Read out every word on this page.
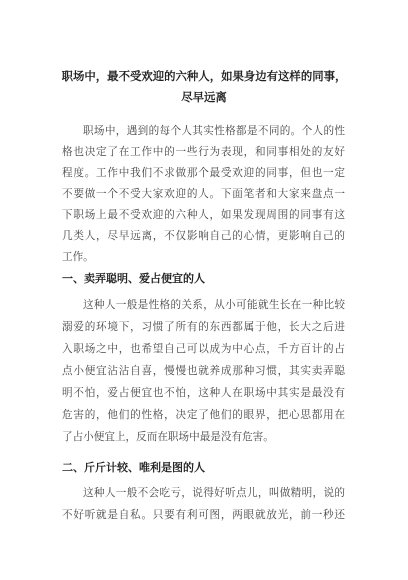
职场中，最不受欢迎的六种人，如果身边有这样的同事，
尽早远离
职场中，遇到的每个人其实性格都是不同的。个人的性
格也决定了在工作中的一些行为表现，和同事相处的友好
程度。工作中我们不求做那个最受欢迎的同事，但也一定
不要做一个不受大家欢迎的人。下面笔者和大家来盘点一
下职场上最不受欢迎的六种人，如果发现周围的同事有这
几类人，尽早远离，不仅影响自己的心情，更影响自己的
工作。
一、卖弄聪明、爱占便宜的人
这种人一般是性格的关系，从小可能就生长在一种比较
溺爱的环境下，习惯了所有的东西都属于他，长大之后进
入职场之中，也希望自己可以成为中心点，千方百计的占
点小便宜沾沾自喜，慢慢也就养成那种习惯，其实卖弄聪
明不怕，爱占便宜也不怕，这种人在职场中其实是最没有
危害的，他们的性格，决定了他们的眼界，把心思都用在
了占小便宜上，反而在职场中最是没有危害。
二、斤斤计较、唯利是图的人
这种人一般不会吃亏，说得好听点儿，叫做精明，说的
不好听就是自私。只要有利可图，两眼就放光，前一秒还
